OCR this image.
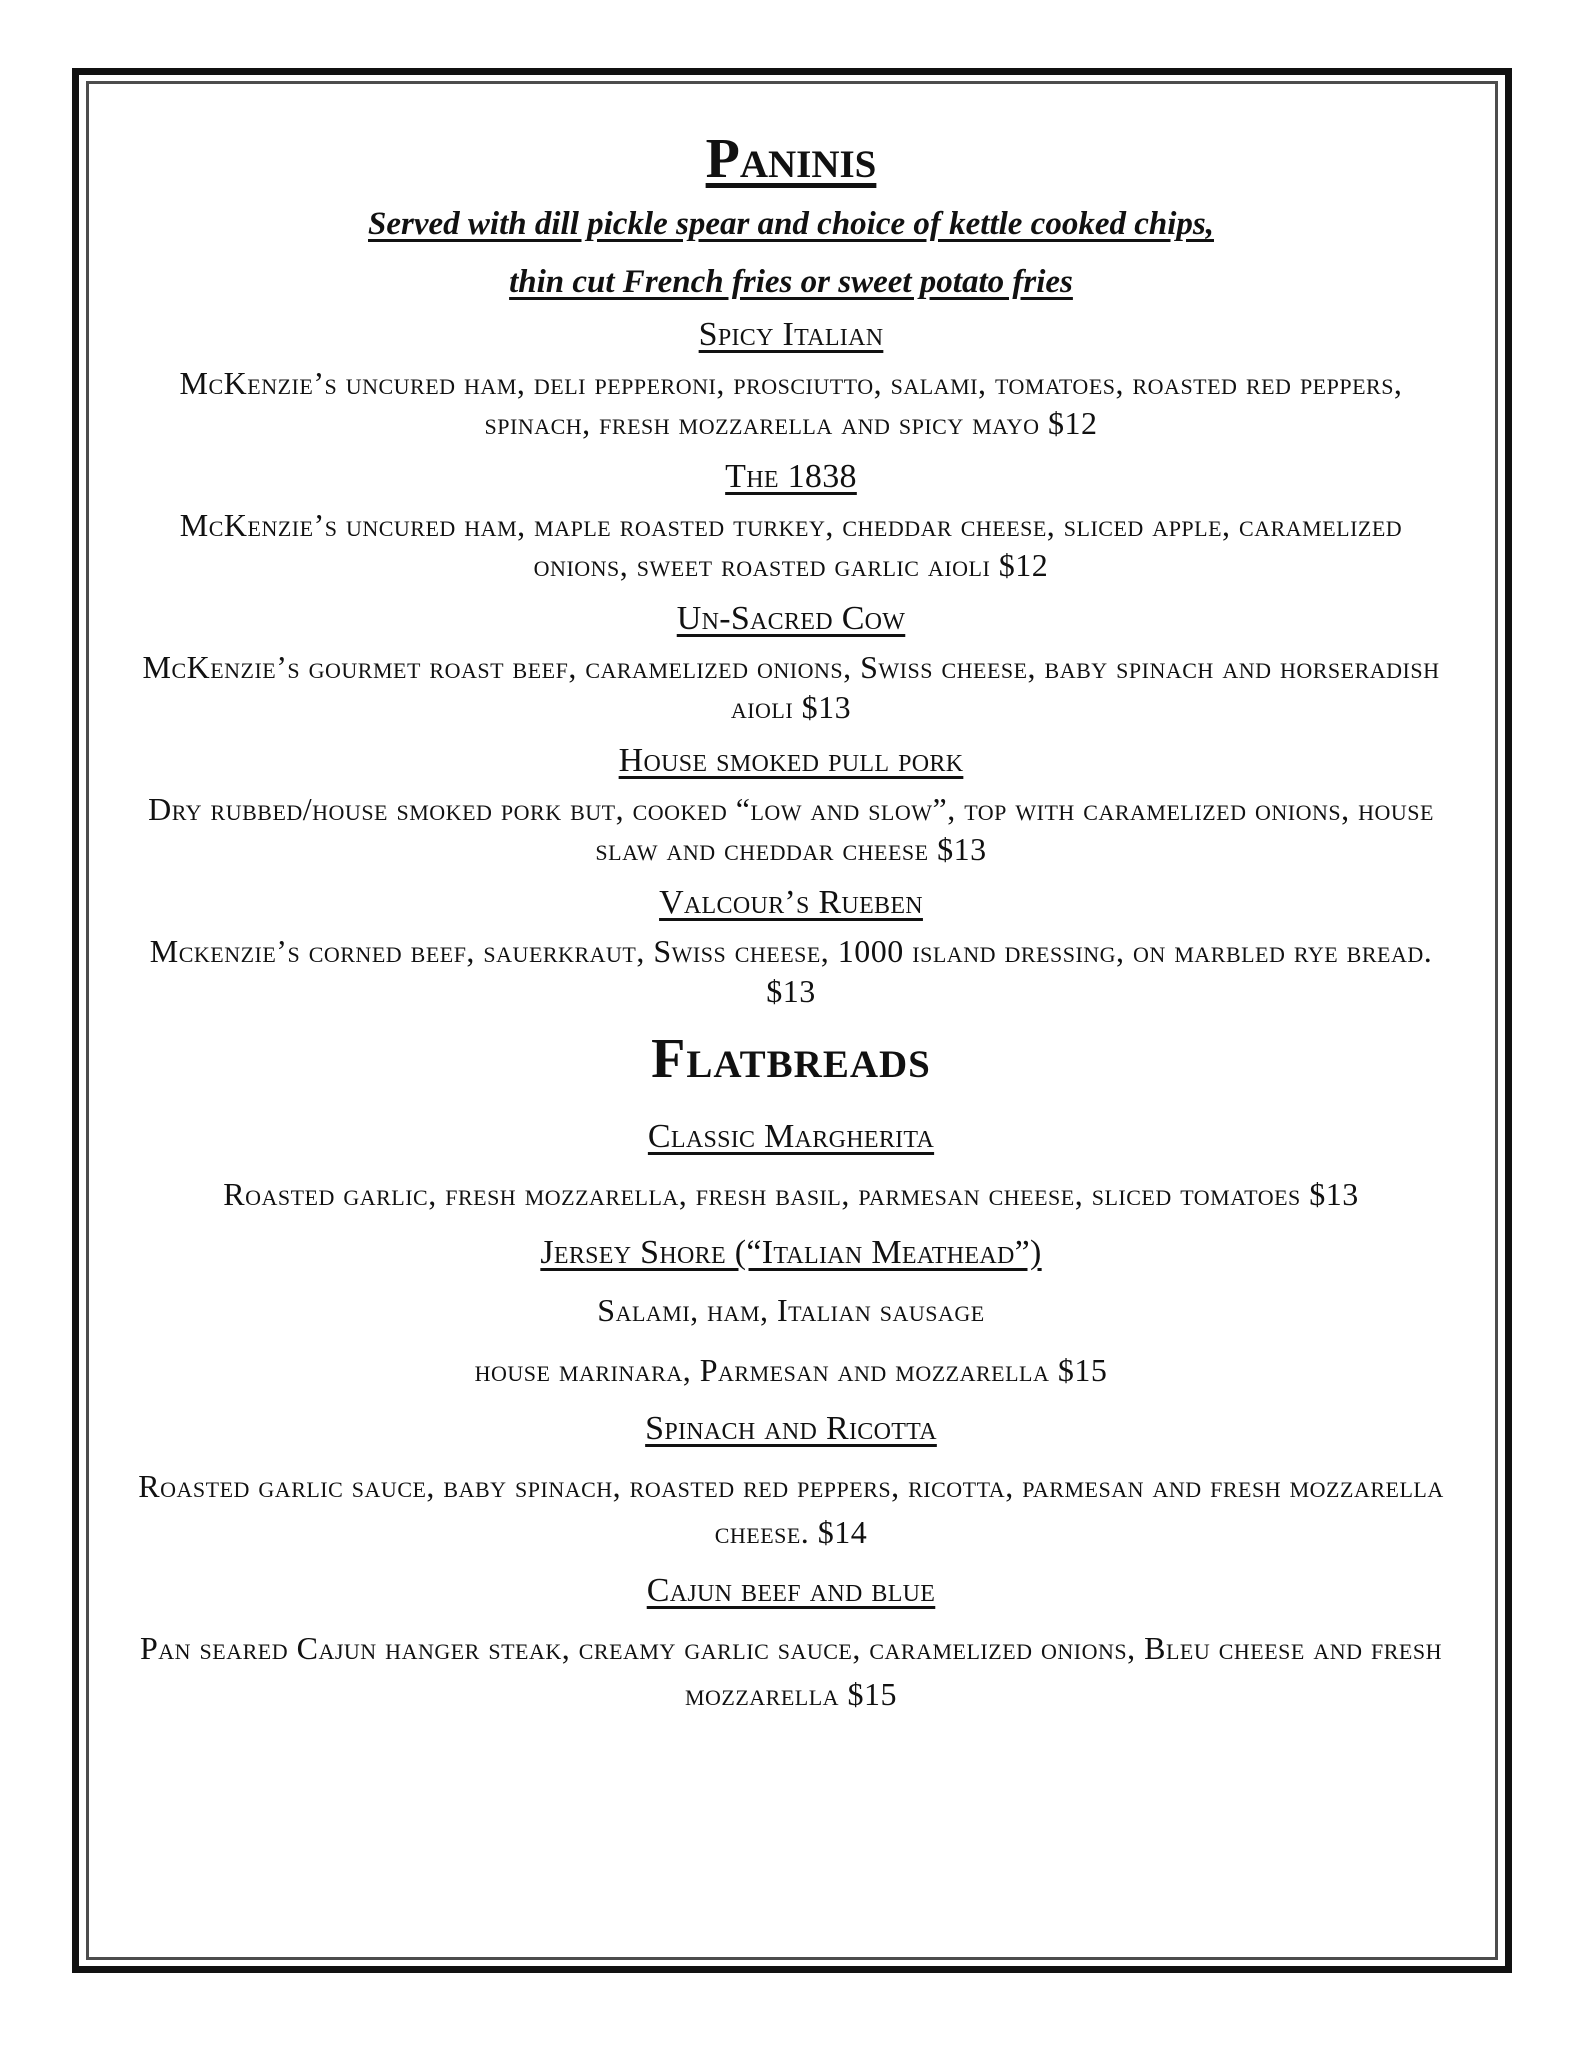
Paninis
Served with dill pickle spear and choice of kettle cooked chips,
thin cut French fries or sweet potato fries
Spicy Italian
McKenzie’s uncured ham, deli pepperoni, prosciutto, salami, tomatoes, roasted red peppers, spinach, fresh mozzarella and spicy mayo $12
The 1838
McKenzie’s uncured ham, maple roasted turkey, cheddar cheese, sliced apple, caramelized onions, sweet roasted garlic aioli $12
Un-Sacred Cow
McKenzie’s gourmet roast beef, caramelized onions, Swiss cheese, baby spinach and horseradish aioli $13
House smoked pull pork
Dry rubbed/house smoked pork but, cooked “low and slow”, top with caramelized onions, house slaw and cheddar cheese $13
Valcour’s Rueben
Mckenzie’s corned beef, sauerkraut, Swiss cheese, 1000 island dressing, on marbled rye bread. $13
Flatbreads
Classic Margherita
Roasted garlic, fresh mozzarella, fresh basil, parmesan cheese, sliced tomatoes $13
Jersey Shore (“Italian Meathead”)
Salami, ham, Italian sausage
house marinara, Parmesan and mozzarella $15
Spinach and Ricotta
Roasted garlic sauce, baby spinach, roasted red peppers, ricotta, parmesan and fresh mozzarella cheese. $14
Cajun beef and blue
Pan seared Cajun hanger steak, creamy garlic sauce, caramelized onions, Bleu cheese and fresh mozzarella $15
